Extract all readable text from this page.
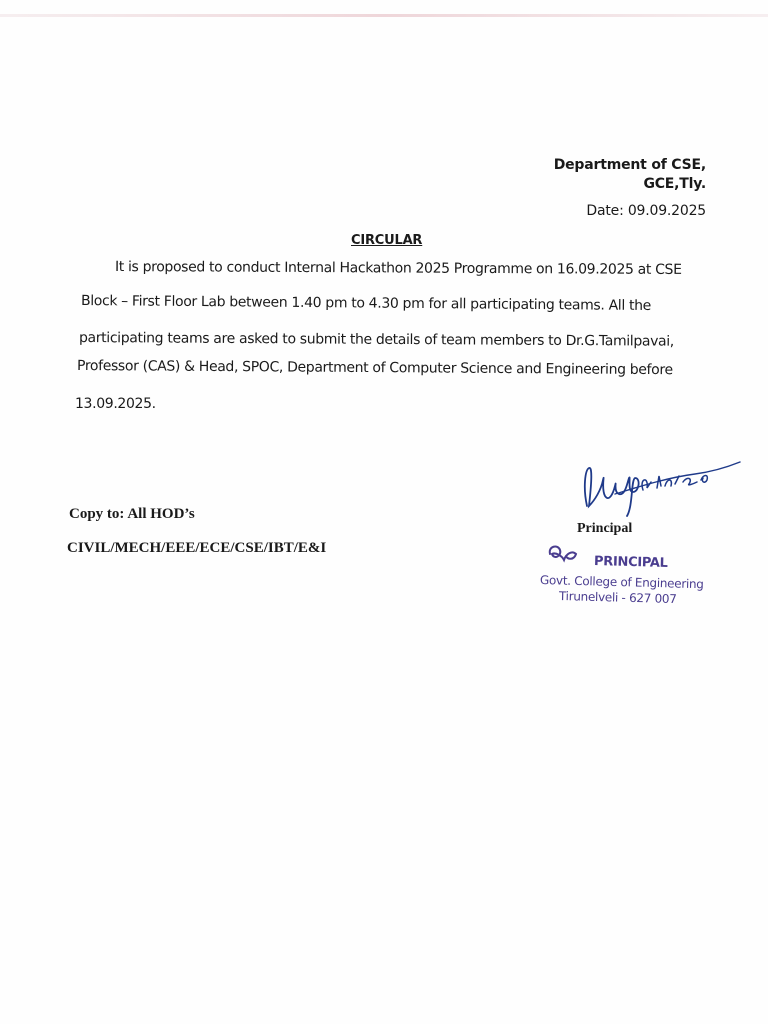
Department of CSE,
GCE,Tly.
Date: 09.09.2025
CIRCULAR
It is proposed to conduct Internal Hackathon 2025 Programme on 16.09.2025 at CSE
Block – First Floor Lab between 1.40 pm to 4.30 pm for all participating teams. All the
participating teams are asked to submit the details of team members to Dr.G.Tamilpavai,
Professor (CAS) & Head, SPOC, Department of Computer Science and Engineering before
13.09.2025.
Copy to: All HOD’s
CIVIL/MECH/EEE/ECE/CSE/IBT/E&I
Principal
PRINCIPAL
Govt. College of Engineering
Tirunelveli - 627 007
